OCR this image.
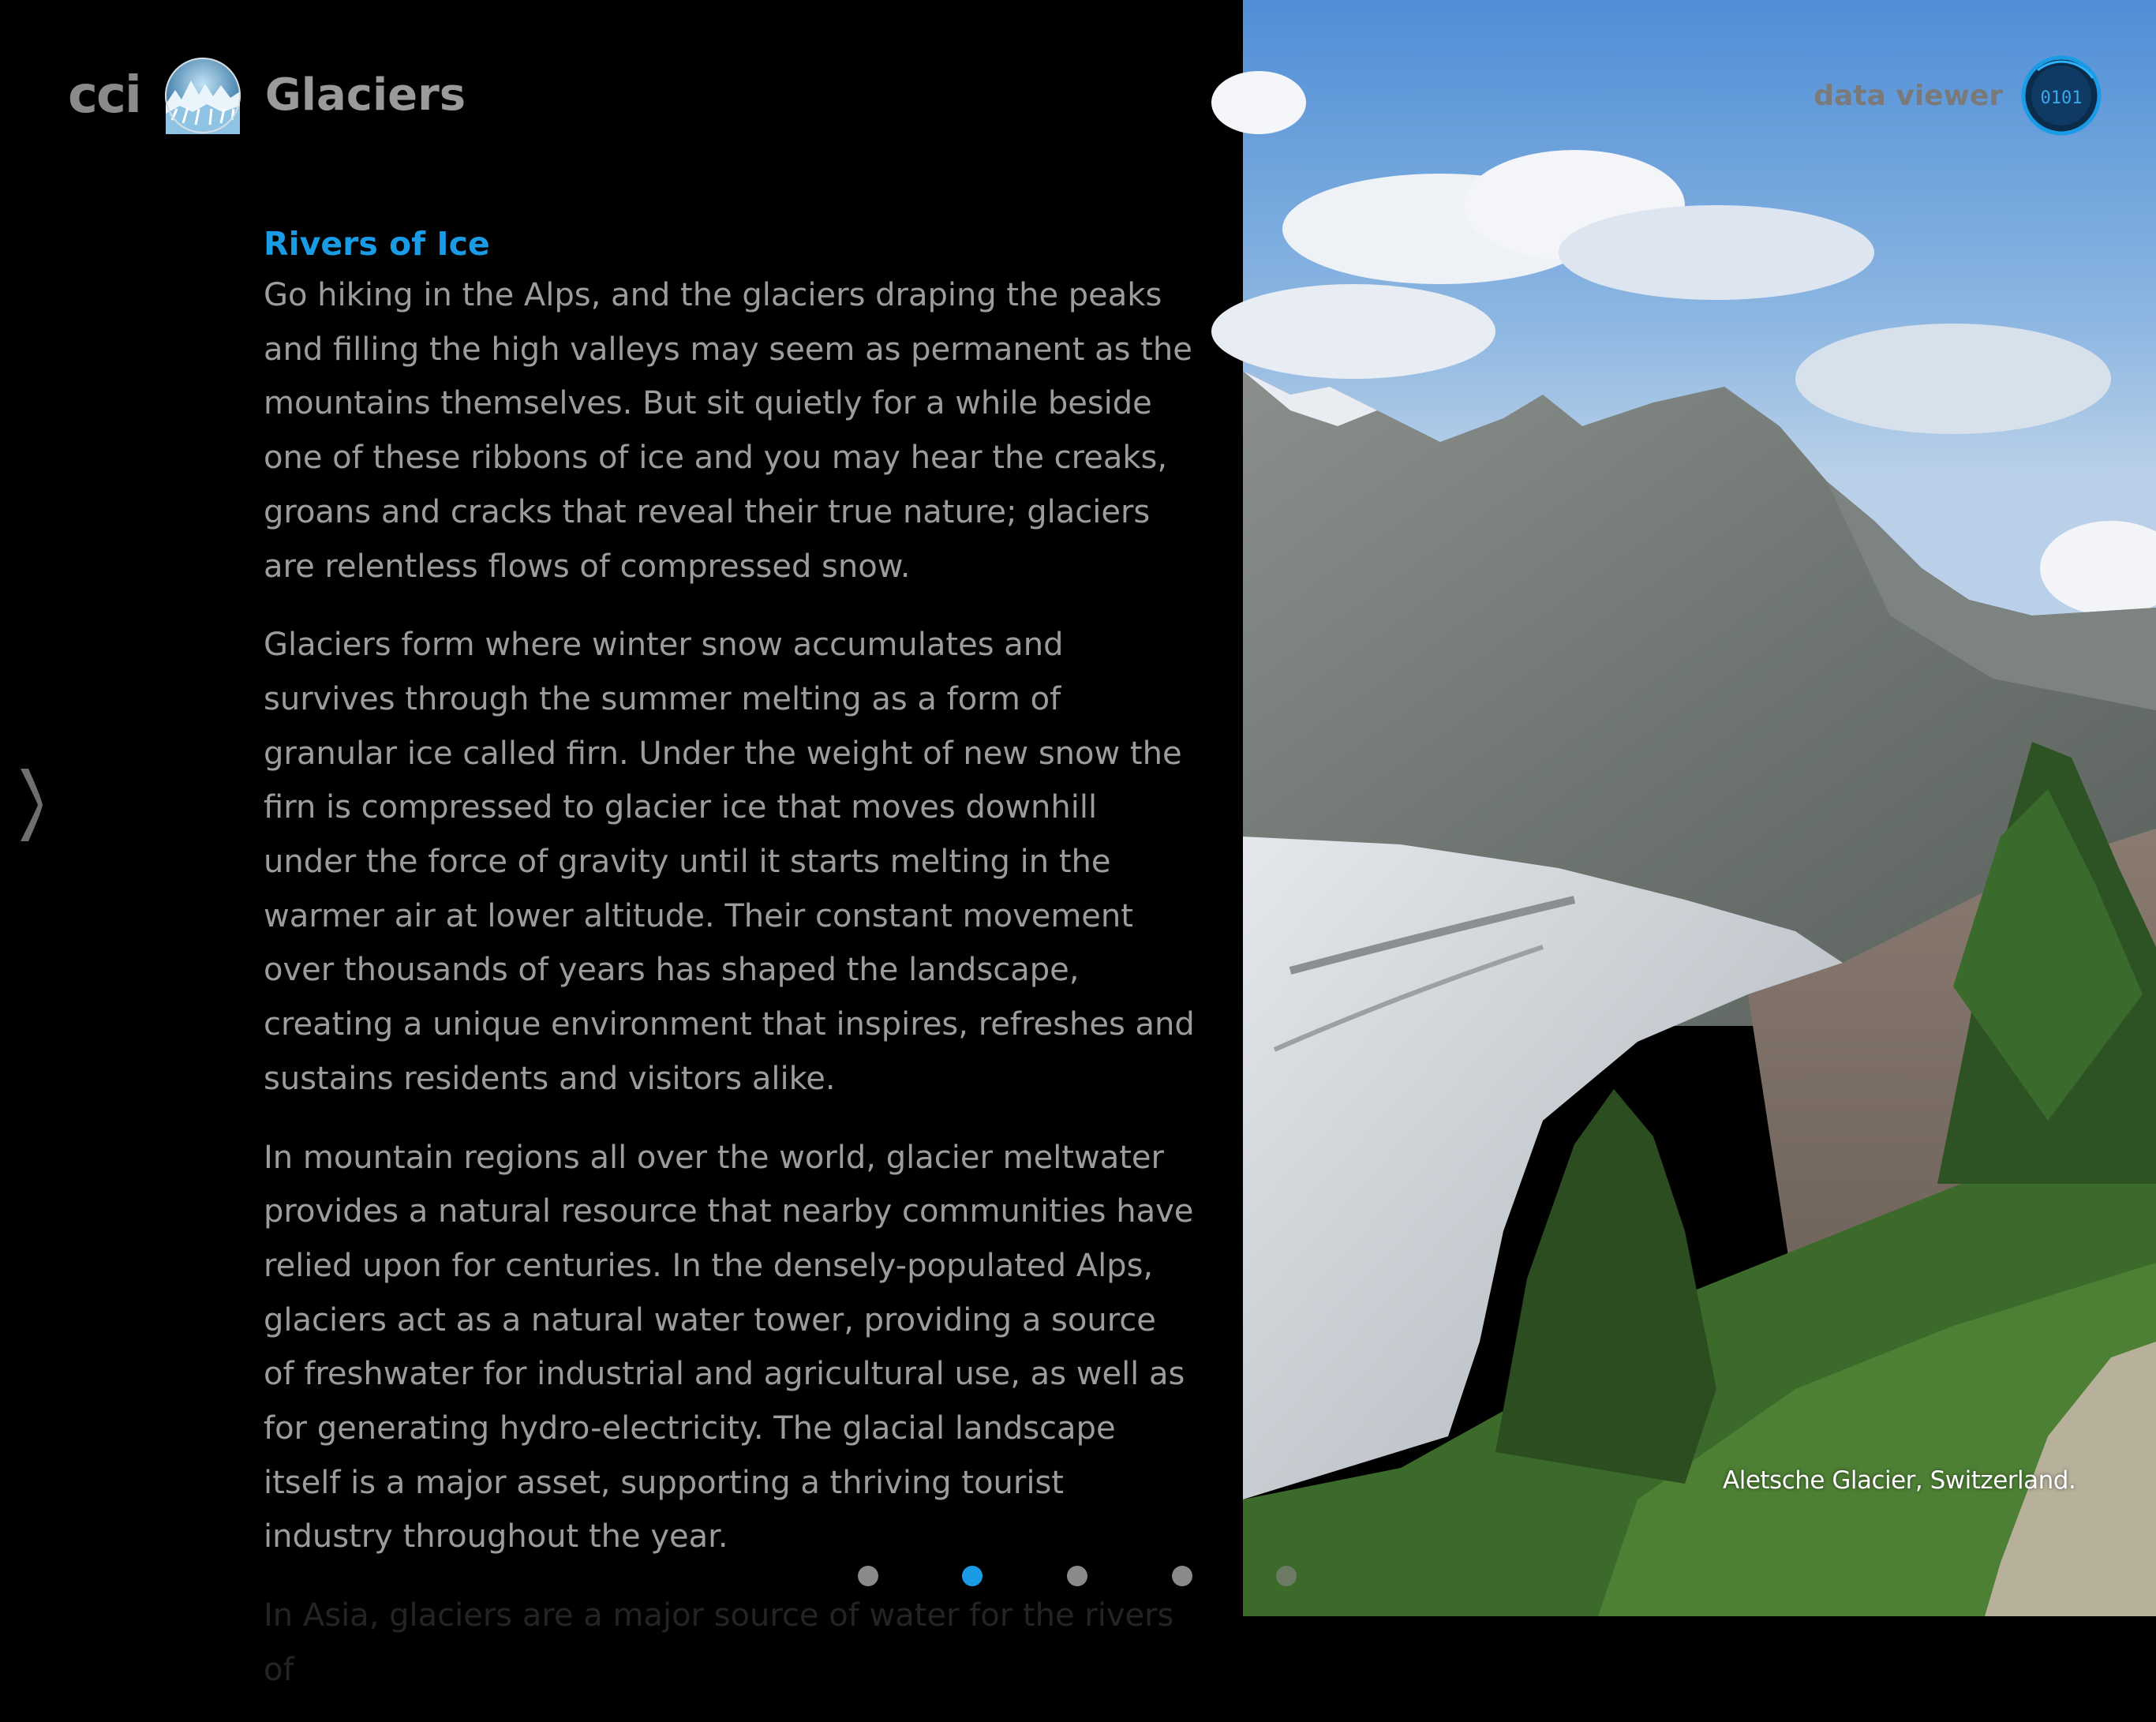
cci	Glaciers
Rivers of Ice

Go hiking in the Alps, and the glaciers draping the peaks and filling the high valleys may seem as permanent as the mountains themselves. But sit quietly for a while beside one of these ribbons of ice and you may hear the creaks, groans and cracks that reveal their true nature; glaciers are relentless flows of compressed snow.

Glaciers form where winter snow accumulates and survives through the summer melting as a form of granular ice called firn. Under the weight of new snow the firn is compressed to glacier ice that moves downhill under the force of gravity until it starts melting in the warmer air at lower altitude. Their constant movement over thousands of years has shaped the landscape, creating a unique environment that inspires, refreshes and sustains residents and visitors alike.

In mountain regions all over the world, glacier meltwater provides a natural resource that nearby communities have relied upon for centuries. In the densely-populated Alps, glaciers act as a natural water tower, providing a source of freshwater for industrial and agricultural use, as well as for generating hydro-electricity. The glacial landscape itself is a major asset, supporting a thriving tourist industry throughout the year.

In Asia, glaciers are a major source of water for the rivers of

data viewer 0101
Aletsche Glacier, Switzerland.
